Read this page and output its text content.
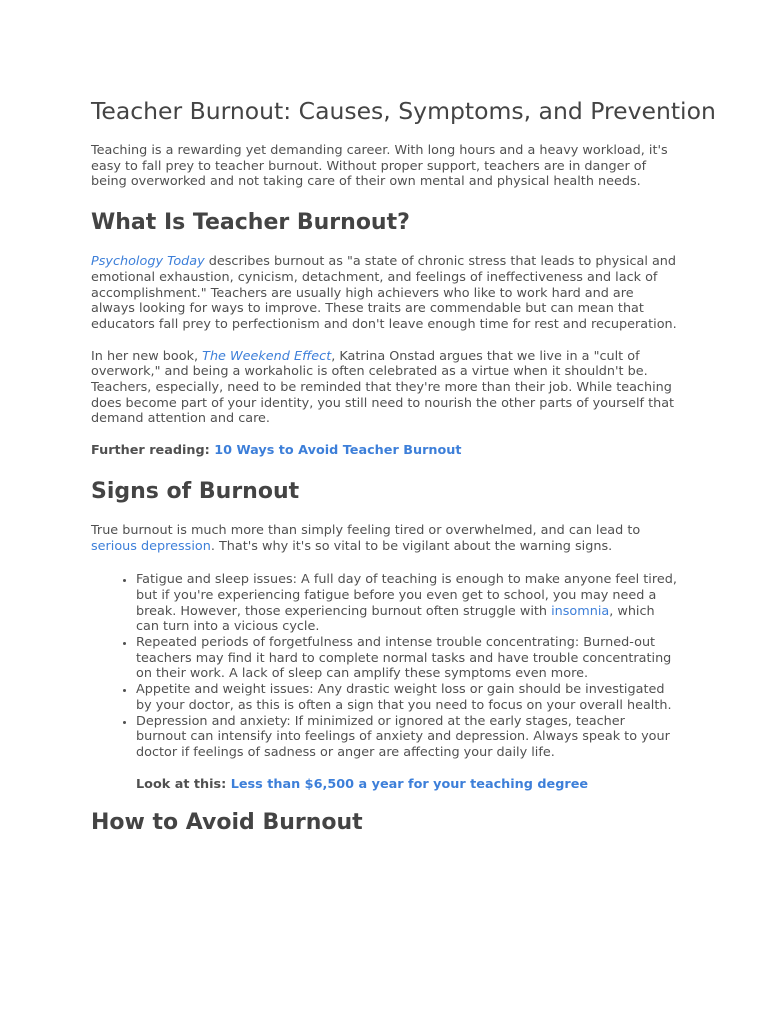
Teacher Burnout: Causes, Symptoms, and Prevention

Teaching is a rewarding yet demanding career. With long hours and a heavy workload, it's easy to fall prey to teacher burnout. Without proper support, teachers are in danger of being overworked and not taking care of their own mental and physical health needs.

What Is Teacher Burnout?

Psychology Today describes burnout as "a state of chronic stress that leads to physical and emotional exhaustion, cynicism, detachment, and feelings of ineffectiveness and lack of accomplishment." Teachers are usually high achievers who like to work hard and are always looking for ways to improve. These traits are commendable but can mean that educators fall prey to perfectionism and don't leave enough time for rest and recuperation.

In her new book, The Weekend Effect, Katrina Onstad argues that we live in a "cult of overwork," and being a workaholic is often celebrated as a virtue when it shouldn't be. Teachers, especially, need to be reminded that they're more than their job. While teaching does become part of your identity, you still need to nourish the other parts of yourself that demand attention and care.

Further reading: 10 Ways to Avoid Teacher Burnout

Signs of Burnout

True burnout is much more than simply feeling tired or overwhelmed, and can lead to serious depression. That's why it's so vital to be vigilant about the warning signs.

• Fatigue and sleep issues: A full day of teaching is enough to make anyone feel tired, but if you're experiencing fatigue before you even get to school, you may need a break. However, those experiencing burnout often struggle with insomnia, which can turn into a vicious cycle.
• Repeated periods of forgetfulness and intense trouble concentrating: Burned-out teachers may find it hard to complete normal tasks and have trouble concentrating on their work. A lack of sleep can amplify these symptoms even more.
• Appetite and weight issues: Any drastic weight loss or gain should be investigated by your doctor, as this is often a sign that you need to focus on your overall health.
• Depression and anxiety: If minimized or ignored at the early stages, teacher burnout can intensify into feelings of anxiety and depression. Always speak to your doctor if feelings of sadness or anger are affecting your daily life.

Look at this: Less than $6,500 a year for your teaching degree

How to Avoid Burnout
